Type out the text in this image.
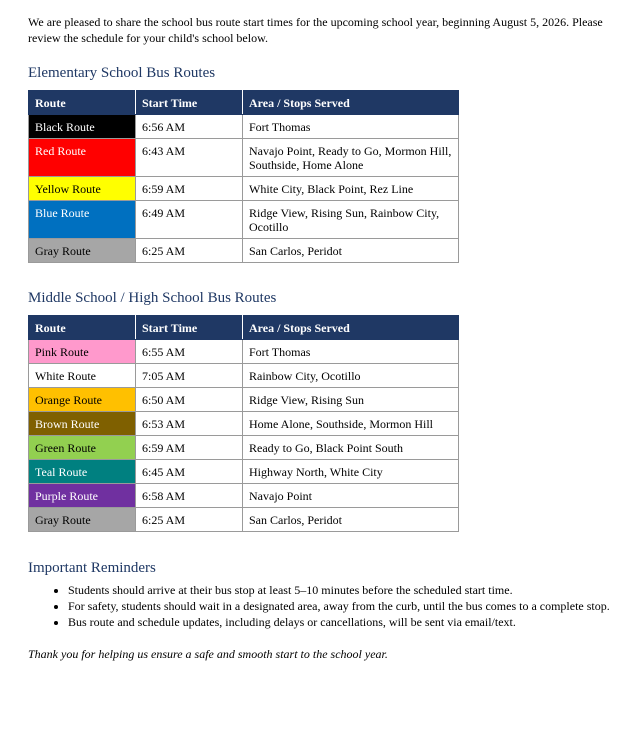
We are pleased to share the school bus route start times for the upcoming school year, beginning August 5, 2026. Please review the schedule for your child's school below.

Elementary School Bus Routes
Route	Start Time	Area / Stops Served
Black Route	6:56 AM	Fort Thomas
Red Route	6:43 AM	Navajo Point, Ready to Go, Mormon Hill, Southside, Home Alone
Yellow Route	6:59 AM	White City, Black Point, Rez Line
Blue Route	6:49 AM	Ridge View, Rising Sun, Rainbow City, Ocotillo
Gray Route	6:25 AM	San Carlos, Peridot
Middle School / High School Bus Routes
Route	Start Time	Area / Stops Served
Pink Route	6:55 AM	Fort Thomas
White Route	7:05 AM	Rainbow City, Ocotillo
Orange Route	6:50 AM	Ridge View, Rising Sun
Brown Route	6:53 AM	Home Alone, Southside, Mormon Hill
Green Route	6:59 AM	Ready to Go, Black Point South
Teal Route	6:45 AM	Highway North, White City
Purple Route	6:58 AM	Navajo Point
Gray Route	6:25 AM	San Carlos, Peridot
Important Reminders
• Students should arrive at their bus stop at least 5–10 minutes before the scheduled start time.
• For safety, students should wait in a designated area, away from the curb, until the bus comes to a complete stop.
• Bus route and schedule updates, including delays or cancellations, will be sent via email/text.
Thank you for helping us ensure a safe and smooth start to the school year.
